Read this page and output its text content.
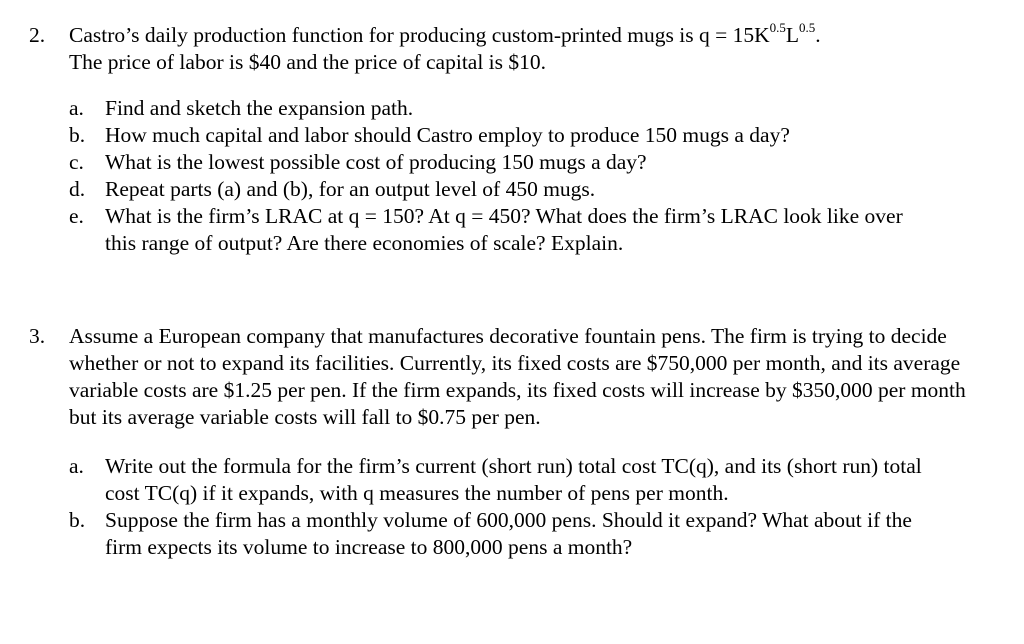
2.	Castro’s daily production function for producing custom-printed mugs is $q = 15K^{0.5}L^{0.5}$.
The price of labor is $40 and the price of capital is $10.
a. Find and sketch the expansion path.
b. How much capital and labor should Castro employ to produce 150 mugs a day?
c. What is the lowest possible cost of producing 150 mugs a day?
d. Repeat parts (a) and (b), for an output level of 450 mugs.
e. What is the firm’s LRAC at q = 150? At q = 450? What does the firm’s LRAC look like over this range of output? Are there economies of scale? Explain.
3.	Assume a European company that manufactures decorative fountain pens. The firm is trying to decide whether or not to expand its facilities. Currently, its fixed costs are $750,000 per month, and its average variable costs are $1.25 per pen. If the firm expands, its fixed costs will increase by $350,000 per month but its average variable costs will fall to $0.75 per pen.
a. Write out the formula for the firm’s current (short run) total cost TC(q), and its (short run) total cost TC(q) if it expands, with q measures the number of pens per month.
b. Suppose the firm has a monthly volume of 600,000 pens. Should it expand? What about if the firm expects its volume to increase to 800,000 pens a month?
